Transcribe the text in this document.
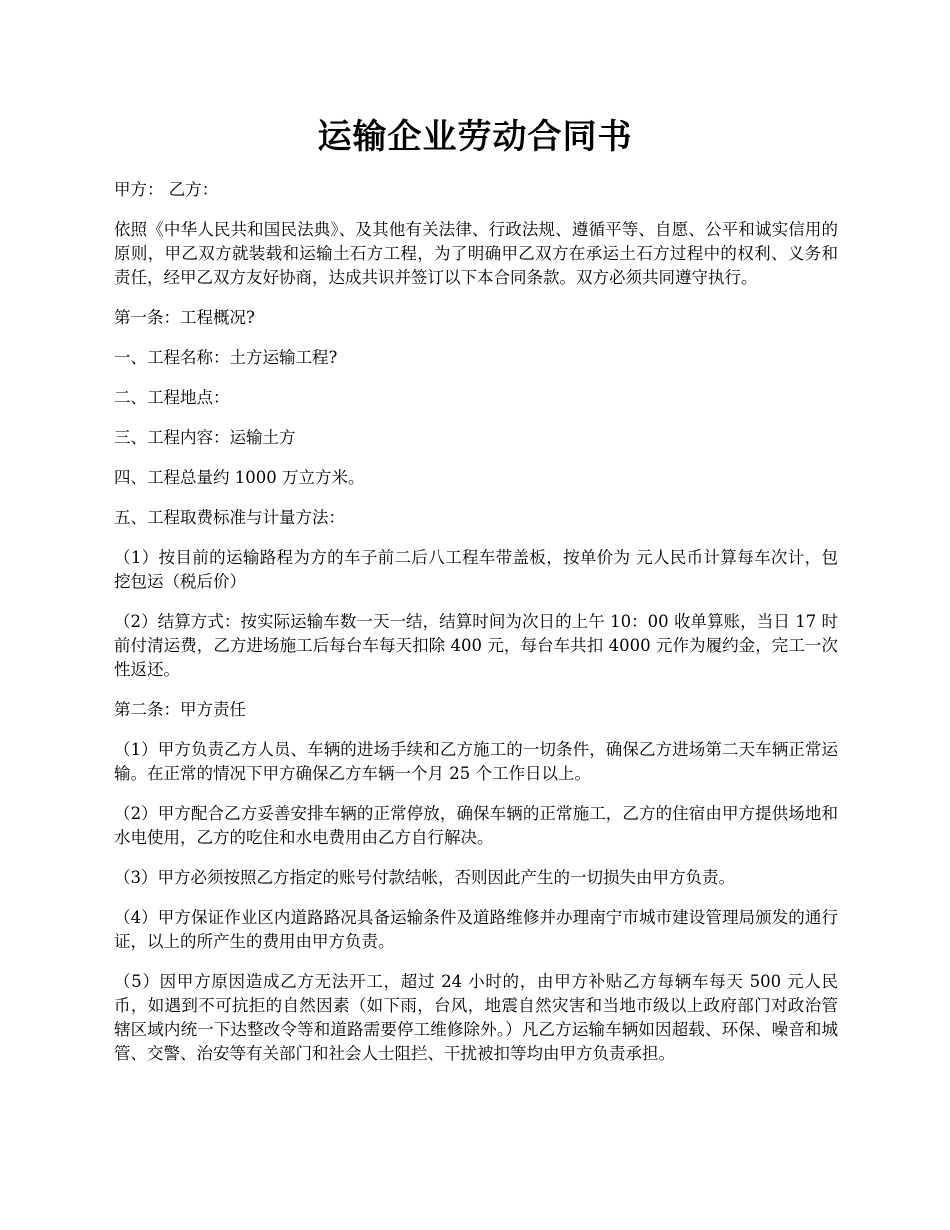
运输企业劳动合同书

甲方： 乙方：

依照《中华人民共和国民法典》、及其他有关法律、行政法规、遵循平等、自愿、公平和诚实信用的原则，甲乙双方就装载和运输土石方工程，为了明确甲乙双方在承运土石方过程中的权利、义务和责任，经甲乙双方友好协商，达成共识并签订以下本合同条款。双方必须共同遵守执行。

第一条：工程概况?

一、工程名称：土方运输工程?

二、工程地点：

三、工程内容：运输土方

四、工程总量约 1000 万立方米。

五、工程取费标准与计量方法：

（1）按目前的运输路程为方的车子前二后八工程车带盖板，按单价为 元人民币计算每车次计，包挖包运（税后价）

（2）结算方式：按实际运输车数一天一结，结算时间为次日的上午 10：00 收单算账，当日 17 时前付清运费，乙方进场施工后每台车每天扣除 400 元，每台车共扣 4000 元作为履约金，完工一次性返还。

第二条：甲方责任

（1）甲方负责乙方人员、车辆的进场手续和乙方施工的一切条件，确保乙方进场第二天车辆正常运输。在正常的情况下甲方确保乙方车辆一个月 25 个工作日以上。

（2）甲方配合乙方妥善安排车辆的正常停放，确保车辆的正常施工，乙方的住宿由甲方提供场地和水电使用，乙方的吃住和水电费用由乙方自行解决。

（3）甲方必须按照乙方指定的账号付款结帐，否则因此产生的一切损失由甲方负责。

（4）甲方保证作业区内道路路况具备运输条件及道路维修并办理南宁市城市建设管理局颁发的通行证，以上的所产生的费用由甲方负责。

（5）因甲方原因造成乙方无法开工，超过 24 小时的，由甲方补贴乙方每辆车每天 500 元人民币，如遇到不可抗拒的自然因素（如下雨，台风，地震自然灾害和当地市级以上政府部门对政治管辖区域内统一下达整改令等和道路需要停工维修除外。）凡乙方运输车辆如因超载、环保、噪音和城管、交警、治安等有关部门和社会人士阻拦、干扰被扣等均由甲方负责承担。
